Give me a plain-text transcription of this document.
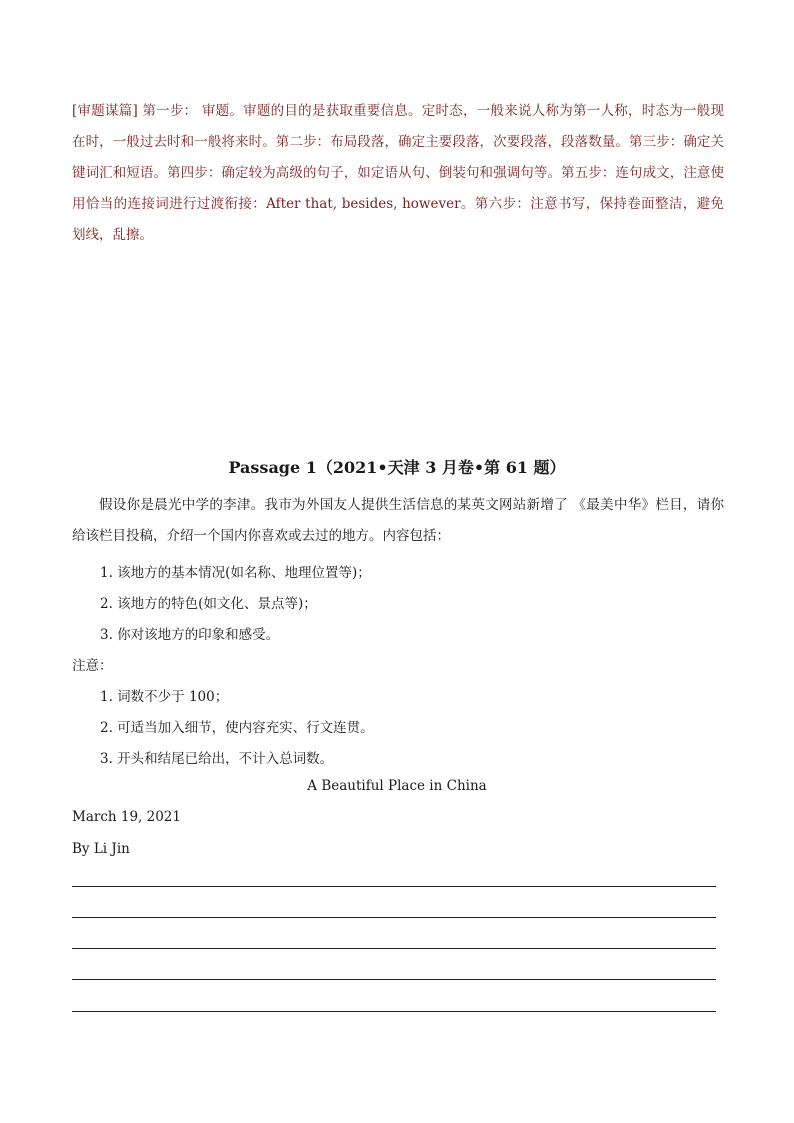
[审题谋篇] 第一步： 审题。审题的目的是获取重要信息。定时态，一般来说人称为第一人称，时态为一般现在时，一般过去时和一般将来时。第二步：布局段落，确定主要段落，次要段落，段落数量。第三步：确定关键词汇和短语。第四步：确定较为高级的句子，如定语从句、倒装句和强调句等。第五步：连句成文，注意使用恰当的连接词进行过渡衔接：After that, besides, however。第六步：注意书写，保持卷面整洁，避免划线，乱擦。
Passage 1（2021•天津 3 月卷•第 61 题）
假设你是晨光中学的李津。我市为外国友人提供生活信息的某英文网站新增了 《最美中华》栏目，请你给该栏目投稿，介绍一个国内你喜欢或去过的地方。内容包括：
1. 该地方的基本情况(如名称、地理位置等)；
2. 该地方的特色(如文化、景点等)；
3. 你对该地方的印象和感受。
注意：
1. 词数不少于 100；
2. 可适当加入细节，使内容充实、行文连贯。
3. 开头和结尾已给出，不计入总词数。
A Beautiful Place in China
March 19, 2021
By Li Jin
